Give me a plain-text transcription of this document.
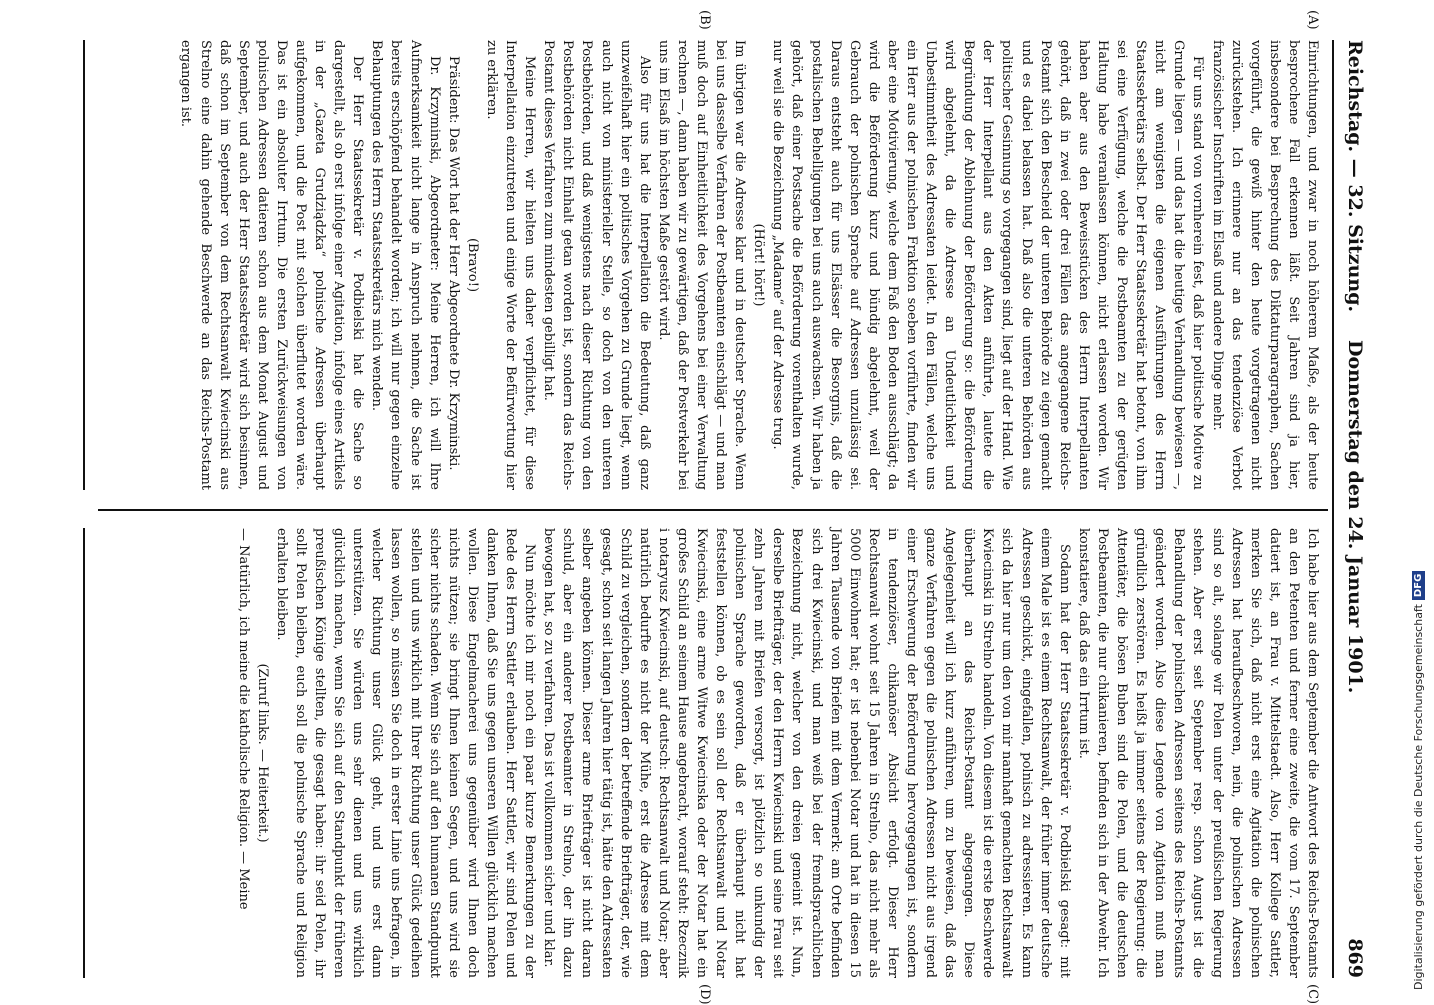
Reichstag. — 32. Sitzung.
Donnerstag den 24. Januar 1901.
869
(A)
(B)
(C)
(D)

Einrichtungen, und zwar in noch höherem Maße, als der heute besprochene Fall erkennen läßt. Seit Jahren sind ja hier, insbesondere bei Besprechung des Diktaturparagraphen, Sachen vorgeführt, die gewiß hinter den heute vorgetragenen nicht zurückstehen. Ich erinnere nur an das tendenziöse Verbot französischer Inschriften im Elsaß und andere Dinge mehr.

Für uns stand von vornherein fest, daß hier politische Motive zu Grunde liegen — und das hat die heutige Verhandlung bewiesen —, nicht am wenigsten die eigenen Ausführungen des Herrn Staatssekretärs selbst. Der Herr Staatssekretär hat betont, von ihm sei eine Verfügung, welche die Postbeamten zu der gerügten Haltung habe veranlassen können, nicht erlassen worden. Wir haben aber aus den Beweisstücken des Herrn Interpellanten gehört, daß in zwei oder drei Fällen das angegangene Reichs-Postamt sich den Bescheid der unteren Behörde zu eigen gemacht und es dabei belassen hat. Daß also die unteren Behörden aus politischer Gesinnung so vorgegangen sind, liegt auf der Hand. Wie der Herr Interpellant aus den Akten anführte, lautete die Begründung der Ablehnung der Beförderung so: die Beförderung wird abgelehnt, da die Adresse an Undeutlichkeit und Unbestimmtheit des Adressaten leidet. In den Fällen, welche uns ein Herr aus der polnischen Fraktion soeben vorführte, finden wir aber eine Motivierung, welche dem Faß den Boden ausschlägt; da wird die Beförderung kurz und bündig abgelehnt, weil der Gebrauch der polnischen Sprache auf Adressen unzulässig sei. Daraus entsteht auch für uns Elsässer die Besorgnis, daß die postalischen Behelligungen bei uns auch auswachsen. Wir haben ja gehört, daß einer Postsache die Beförderung vorenthalten wurde, nur weil sie die Bezeichnung „Madame“ auf der Adresse trug.

(Hört! hört!)

Im übrigen war die Adresse klar und in deutscher Sprache. Wenn bei uns dasselbe Verfahren der Postbeamten einschlägt — und man muß doch auf Einheitlichkeit des Vorgehens bei einer Verwaltung rechnen —, dann haben wir zu gewärtigen, daß der Postverkehr bei uns im Elsaß im höchsten Maße gestört wird.

Also für uns hat die Interpellation die Bedeutung, daß ganz unzweifelhaft hier ein politisches Vorgehen zu Grunde liegt, wenn auch nicht von ministerieller Stelle, so doch von den unteren Postbehörden, und daß wenigstens nach dieser Richtung von den Postbehörden nicht Einhalt getan worden ist, sondern das Reichs-Postamt dieses Verfahren zum mindesten gebilligt hat.

Meine Herren, wir hielten uns daher verpflichtet, für diese Interpellation einzutreten und einige Worte der Befürwortung hier zu erklären.

(Bravo!)

Präsident: Das Wort hat der Herr Abgeordnete Dr. Krzyminski.

Dr. Krzyminski, Abgeordneter: Meine Herren, ich will Ihre Aufmerksamkeit nicht lange in Anspruch nehmen, die Sache ist bereits erschöpfend behandelt worden; ich will nur gegen einzelne Behauptungen des Herrn Staatssekretärs mich wenden.

Der Herr Staatssekretär v. Podbielski hat die Sache so dargestellt, als ob erst infolge einer Agitation, infolge eines Artikels in der „Gazeta Grudziądzka“ polnische Adressen überhaupt aufgekommen, und die Post mit solchen überflutet worden wäre. Das ist ein absoluter Irrtum. Die ersten Zurückweisungen von polnischen Adressen datieren schon aus dem Monat August und September, und auch der Herr Staatssekretär wird sich besinnen, daß schon im September von dem Rechtsanwalt Kwiecinski aus Strelno eine dahin gehende Beschwerde an das Reichs-Postamt ergangen ist.

Ich habe hier aus dem September die Antwort des Reichs-Postamts an den Petenten und ferner eine zweite, die vom 17. September datiert ist, an Frau v. Mittelstaedt. Also, Herr Kollege Sattler, merken Sie sich, daß nicht erst eine Agitation die polnischen Adressen hat heraufbeschworen, nein, die polnischen Adressen sind so alt, solange wir Polen unter der preußischen Regierung stehen. Aber erst seit September resp. schon August ist die Behandlung der polnischen Adressen seitens des Reichs-Postamts geändert worden. Also diese Legende von Agitation muß man gründlich zerstören. Es heißt ja immer seitens der Regierung: die Attentäter, die bösen Buben sind die Polen, und die deutschen Postbeamten, die nur chikanieren, befinden sich in der Abwehr. Ich konstatiere, daß das ein Irrtum ist.

Sodann hat der Herr Staatssekretär v. Podbielski gesagt: mit einem Male ist es einem Rechtsanwalt, der früher immer deutsche Adressen geschickt, eingefallen, polnisch zu adressieren. Es kann sich da hier nur um den von mir namhaft gemachten Rechtsanwalt Kwiecinski in Strelno handeln. Von diesem ist die erste Beschwerde überhaupt an das Reichs-Postamt abgegangen. Diese Angelegenheit will ich kurz anführen, um zu beweisen, daß das ganze Verfahren gegen die polnischen Adressen nicht aus irgend einer Erschwerung der Beförderung hervorgegangen ist, sondern in tendenziöser, chikanöser Absicht erfolgt. Dieser Herr Rechtsanwalt wohnt seit 15 Jahren in Strelno, das nicht mehr als 5000 Einwohner hat; er ist nebenbei Notar und hat in diesen 15 Jahren Tausende von Briefen mit dem Vermerk: am Orte befinden sich drei Kwiecinski, und man weiß bei der fremdsprachlichen Bezeichnung nicht, welcher von den dreien gemeint ist. Nun, derselbe Briefträger, der den Herrn Kwiecinski und seine Frau seit zehn Jahren mit Briefen versorgt, ist plötzlich so unkundig der polnischen Sprache geworden, daß er überhaupt nicht hat feststellen können, ob es sein soll der Rechtsanwalt und Notar Kwiecinski, eine arme Witwe Kwiecinska oder der Notar hat ein großes Schild an seinem Hause angebracht, worauf steht: Rzecznik i notaryusz Kwiecinski, auf deutsch: Rechtsanwalt und Notar; aber natürlich bedurfte es nicht der Mühe, erst die Adresse mit dem Schild zu vergleichen, sondern der betreffende Briefträger, der, wie gesagt, schon seit langen Jahren hier tätig ist, hätte den Adressaten selber angeben können. Dieser arme Briefträger ist nicht daran schuld, aber ein anderer Postbeamter in Strelno, der ihn dazu bewogen hat, so zu verfahren. Das ist vollkommen sicher und klar.

Nun möchte ich mir noch ein paar kurze Bemerkungen zu der Rede des Herrn Sattler erlauben. Herr Sattler, wir sind Polen und danken Ihnen, daß Sie uns gegen unseren Willen glücklich machen wollen. Diese Engelmacherei uns gegenüber wird Ihnen doch nichts nützen; sie bringt Ihnen keinen Segen, und uns wird sie sicher nichts schaden. Wenn Sie sich auf den humanen Standpunkt stellen und uns wirklich mit Ihrer Richtung unser Glück gedeihen lassen wollen, so müssen Sie doch in erster Linie uns befragen, in welcher Richtung unser Glück geht, und uns erst dann unterstützen. Sie würden uns sehr dienen und uns wirklich glücklich machen, wenn Sie sich auf den Standpunkt der früheren preußischen Könige stellten, die gesagt haben: ihr seid Polen, ihr sollt Polen bleiben, euch soll die polnische Sprache und Religion erhalten bleiben.

(Zuruf links. — Heiterkeit.)

— Natürlich, ich meine die katholische Religion. — Meine	Digitalisierung gefördert durch die Deutsche Forschungsgemeinschaft
DFG
